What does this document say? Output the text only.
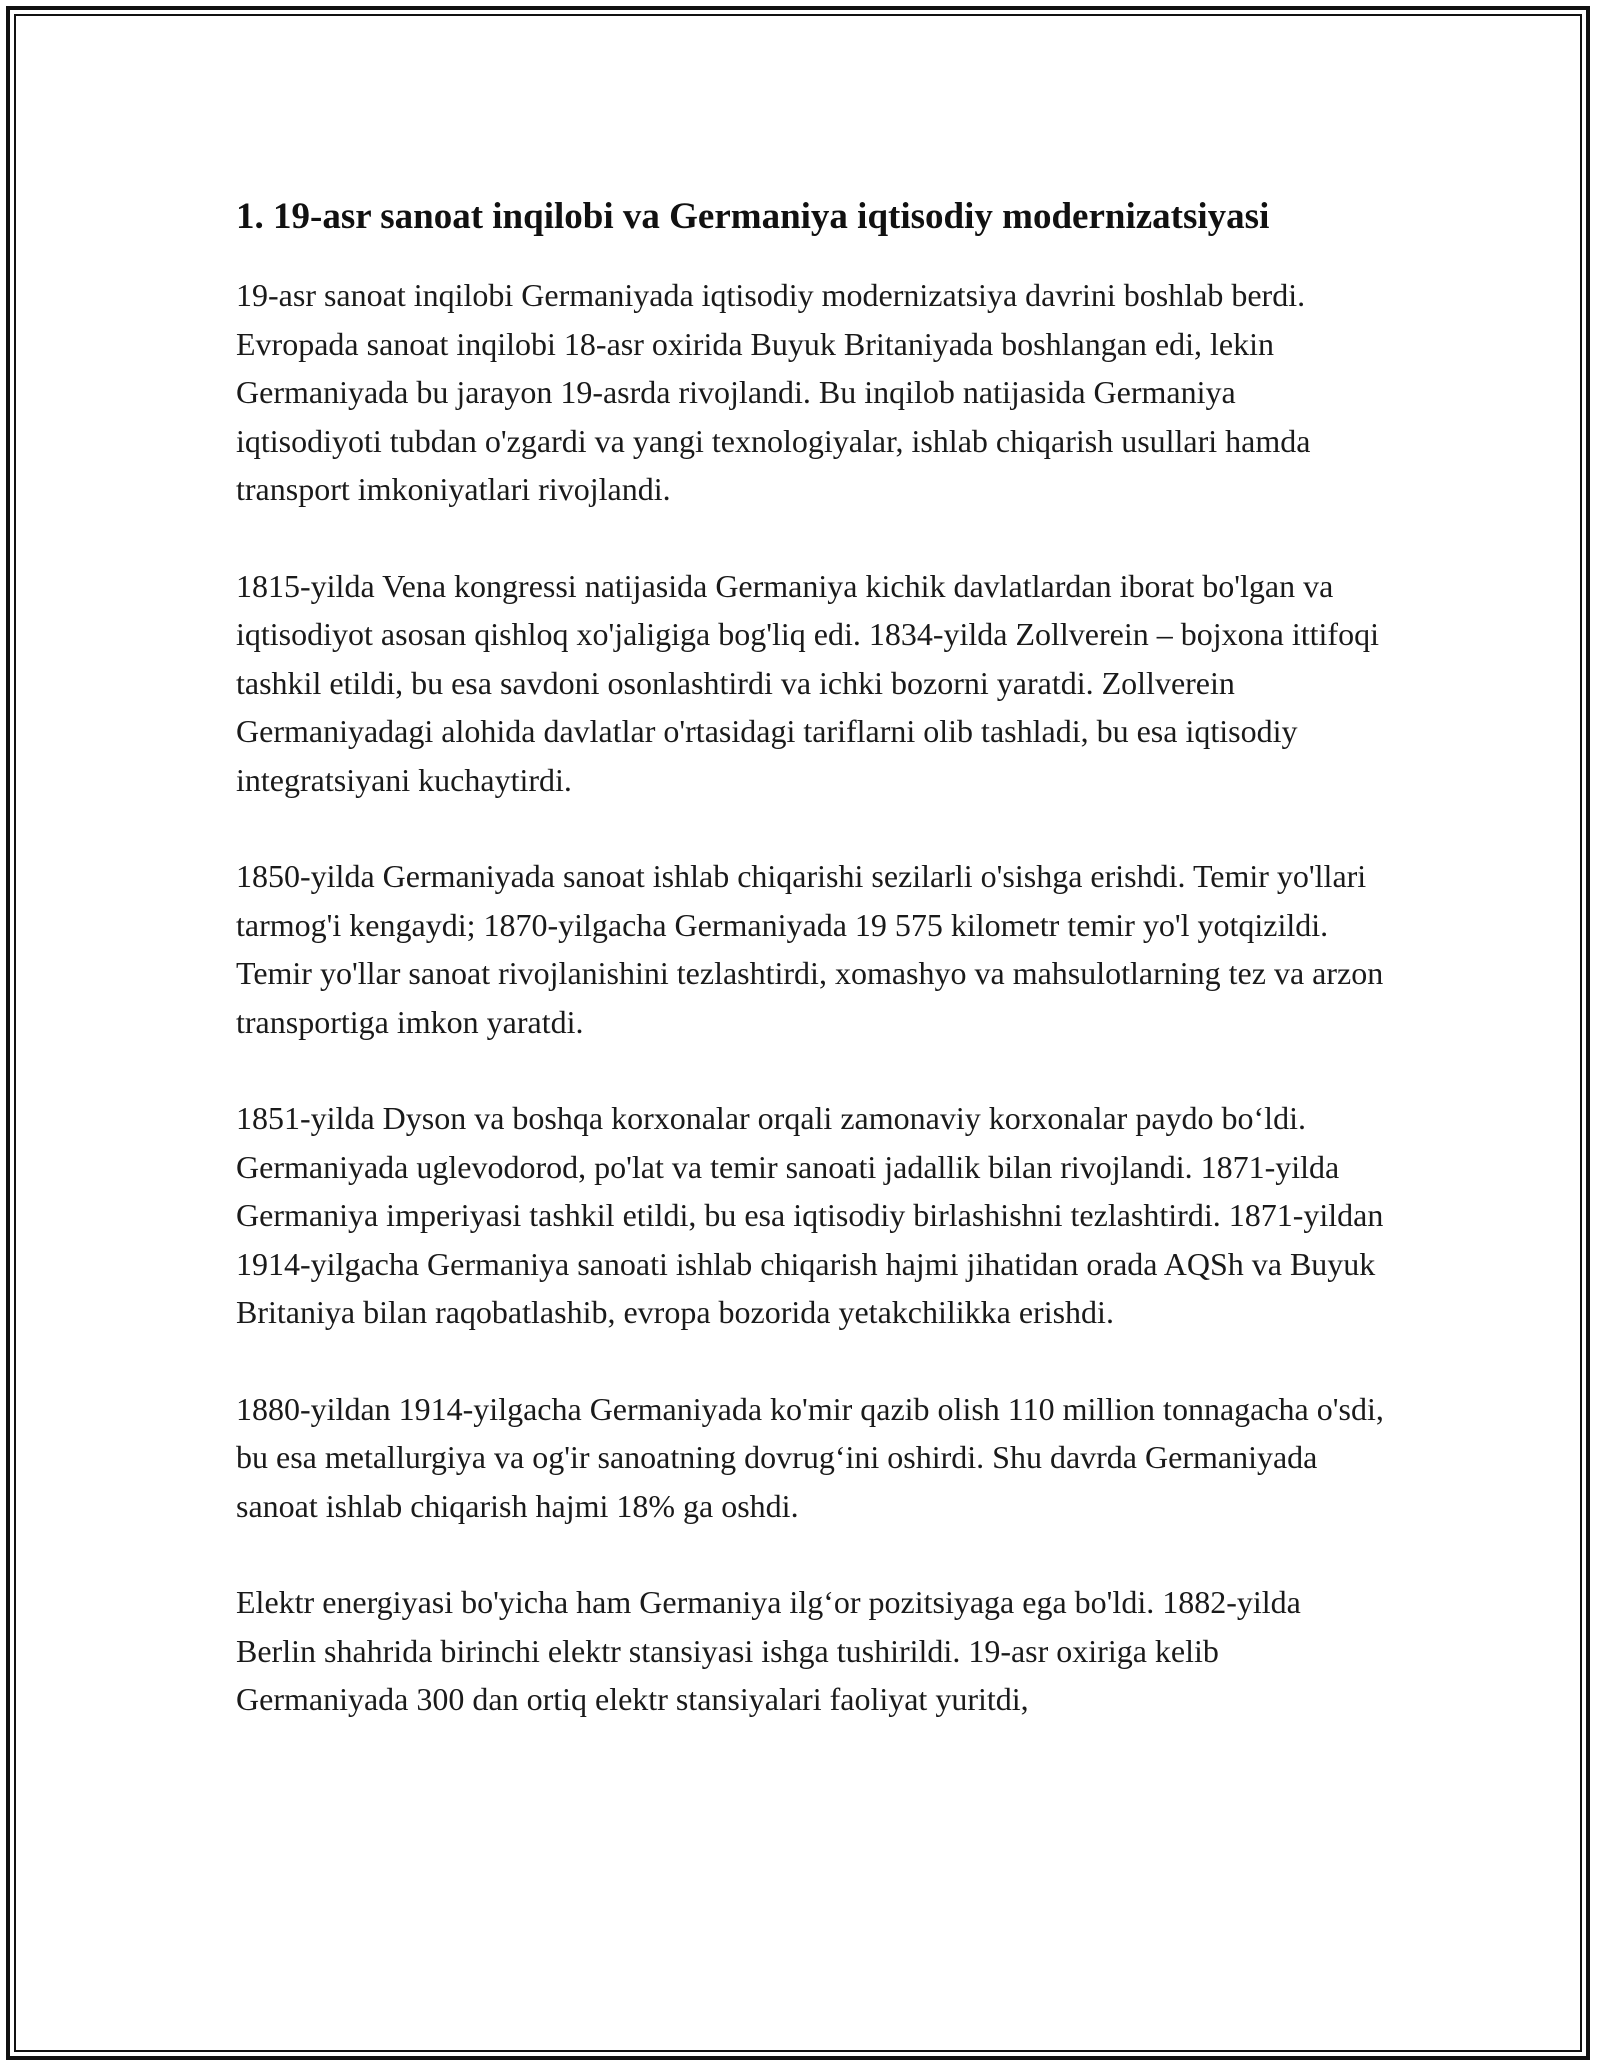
1. 19-asr sanoat inqilobi va Germaniya iqtisodiy modernizatsiyasi

19-asr sanoat inqilobi Germaniyada iqtisodiy modernizatsiya davrini boshlab berdi. Evropada sanoat inqilobi 18-asr oxirida Buyuk Britaniyada boshlangan edi, lekin Germaniyada bu jarayon 19-asrda rivojlandi. Bu inqilob natijasida Germaniya iqtisodiyoti tubdan o'zgardi va yangi texnologiyalar, ishlab chiqarish usullari hamda transport imkoniyatlari rivojlandi.

1815-yilda Vena kongressi natijasida Germaniya kichik davlatlardan iborat bo'lgan va iqtisodiyot asosan qishloq xo'jaligiga bog'liq edi. 1834-yilda Zollverein – bojxona ittifoqi tashkil etildi, bu esa savdoni osonlashtirdi va ichki bozorni yaratdi. Zollverein Germaniyadagi alohida davlatlar o'rtasidagi tariflarni olib tashladi, bu esa iqtisodiy integratsiyani kuchaytirdi.

1850-yilda Germaniyada sanoat ishlab chiqarishi sezilarli o'sishga erishdi. Temir yo'llari tarmog'i kengaydi; 1870-yilgacha Germaniyada 19 575 kilometr temir yo'l yotqizildi. Temir yo'llar sanoat rivojlanishini tezlashtirdi, xomashyo va mahsulotlarning tez va arzon transportiga imkon yaratdi.

1851-yilda Dyson va boshqa korxonalar orqali zamonaviy korxonalar paydo bo‘ldi. Germaniyada uglevodorod, po'lat va temir sanoati jadallik bilan rivojlandi. 1871-yilda Germaniya imperiyasi tashkil etildi, bu esa iqtisodiy birlashishni tezlashtirdi. 1871-yildan 1914-yilgacha Germaniya sanoati ishlab chiqarish hajmi jihatidan orada AQSh va Buyuk Britaniya bilan raqobatlashib, evropa bozorida yetakchilikka erishdi.

1880-yildan 1914-yilgacha Germaniyada ko'mir qazib olish 110 million tonnagacha o'sdi, bu esa metallurgiya va og'ir sanoatning dovrug‘ini oshirdi. Shu davrda Germaniyada sanoat ishlab chiqarish hajmi 18% ga oshdi.

Elektr energiyasi bo'yicha ham Germaniya ilg‘or pozitsiyaga ega bo'ldi. 1882-yilda Berlin shahrida birinchi elektr stansiyasi ishga tushirildi. 19-asr oxiriga kelib Germaniyada 300 dan ortiq elektr stansiyalari faoliyat yuritdi,
